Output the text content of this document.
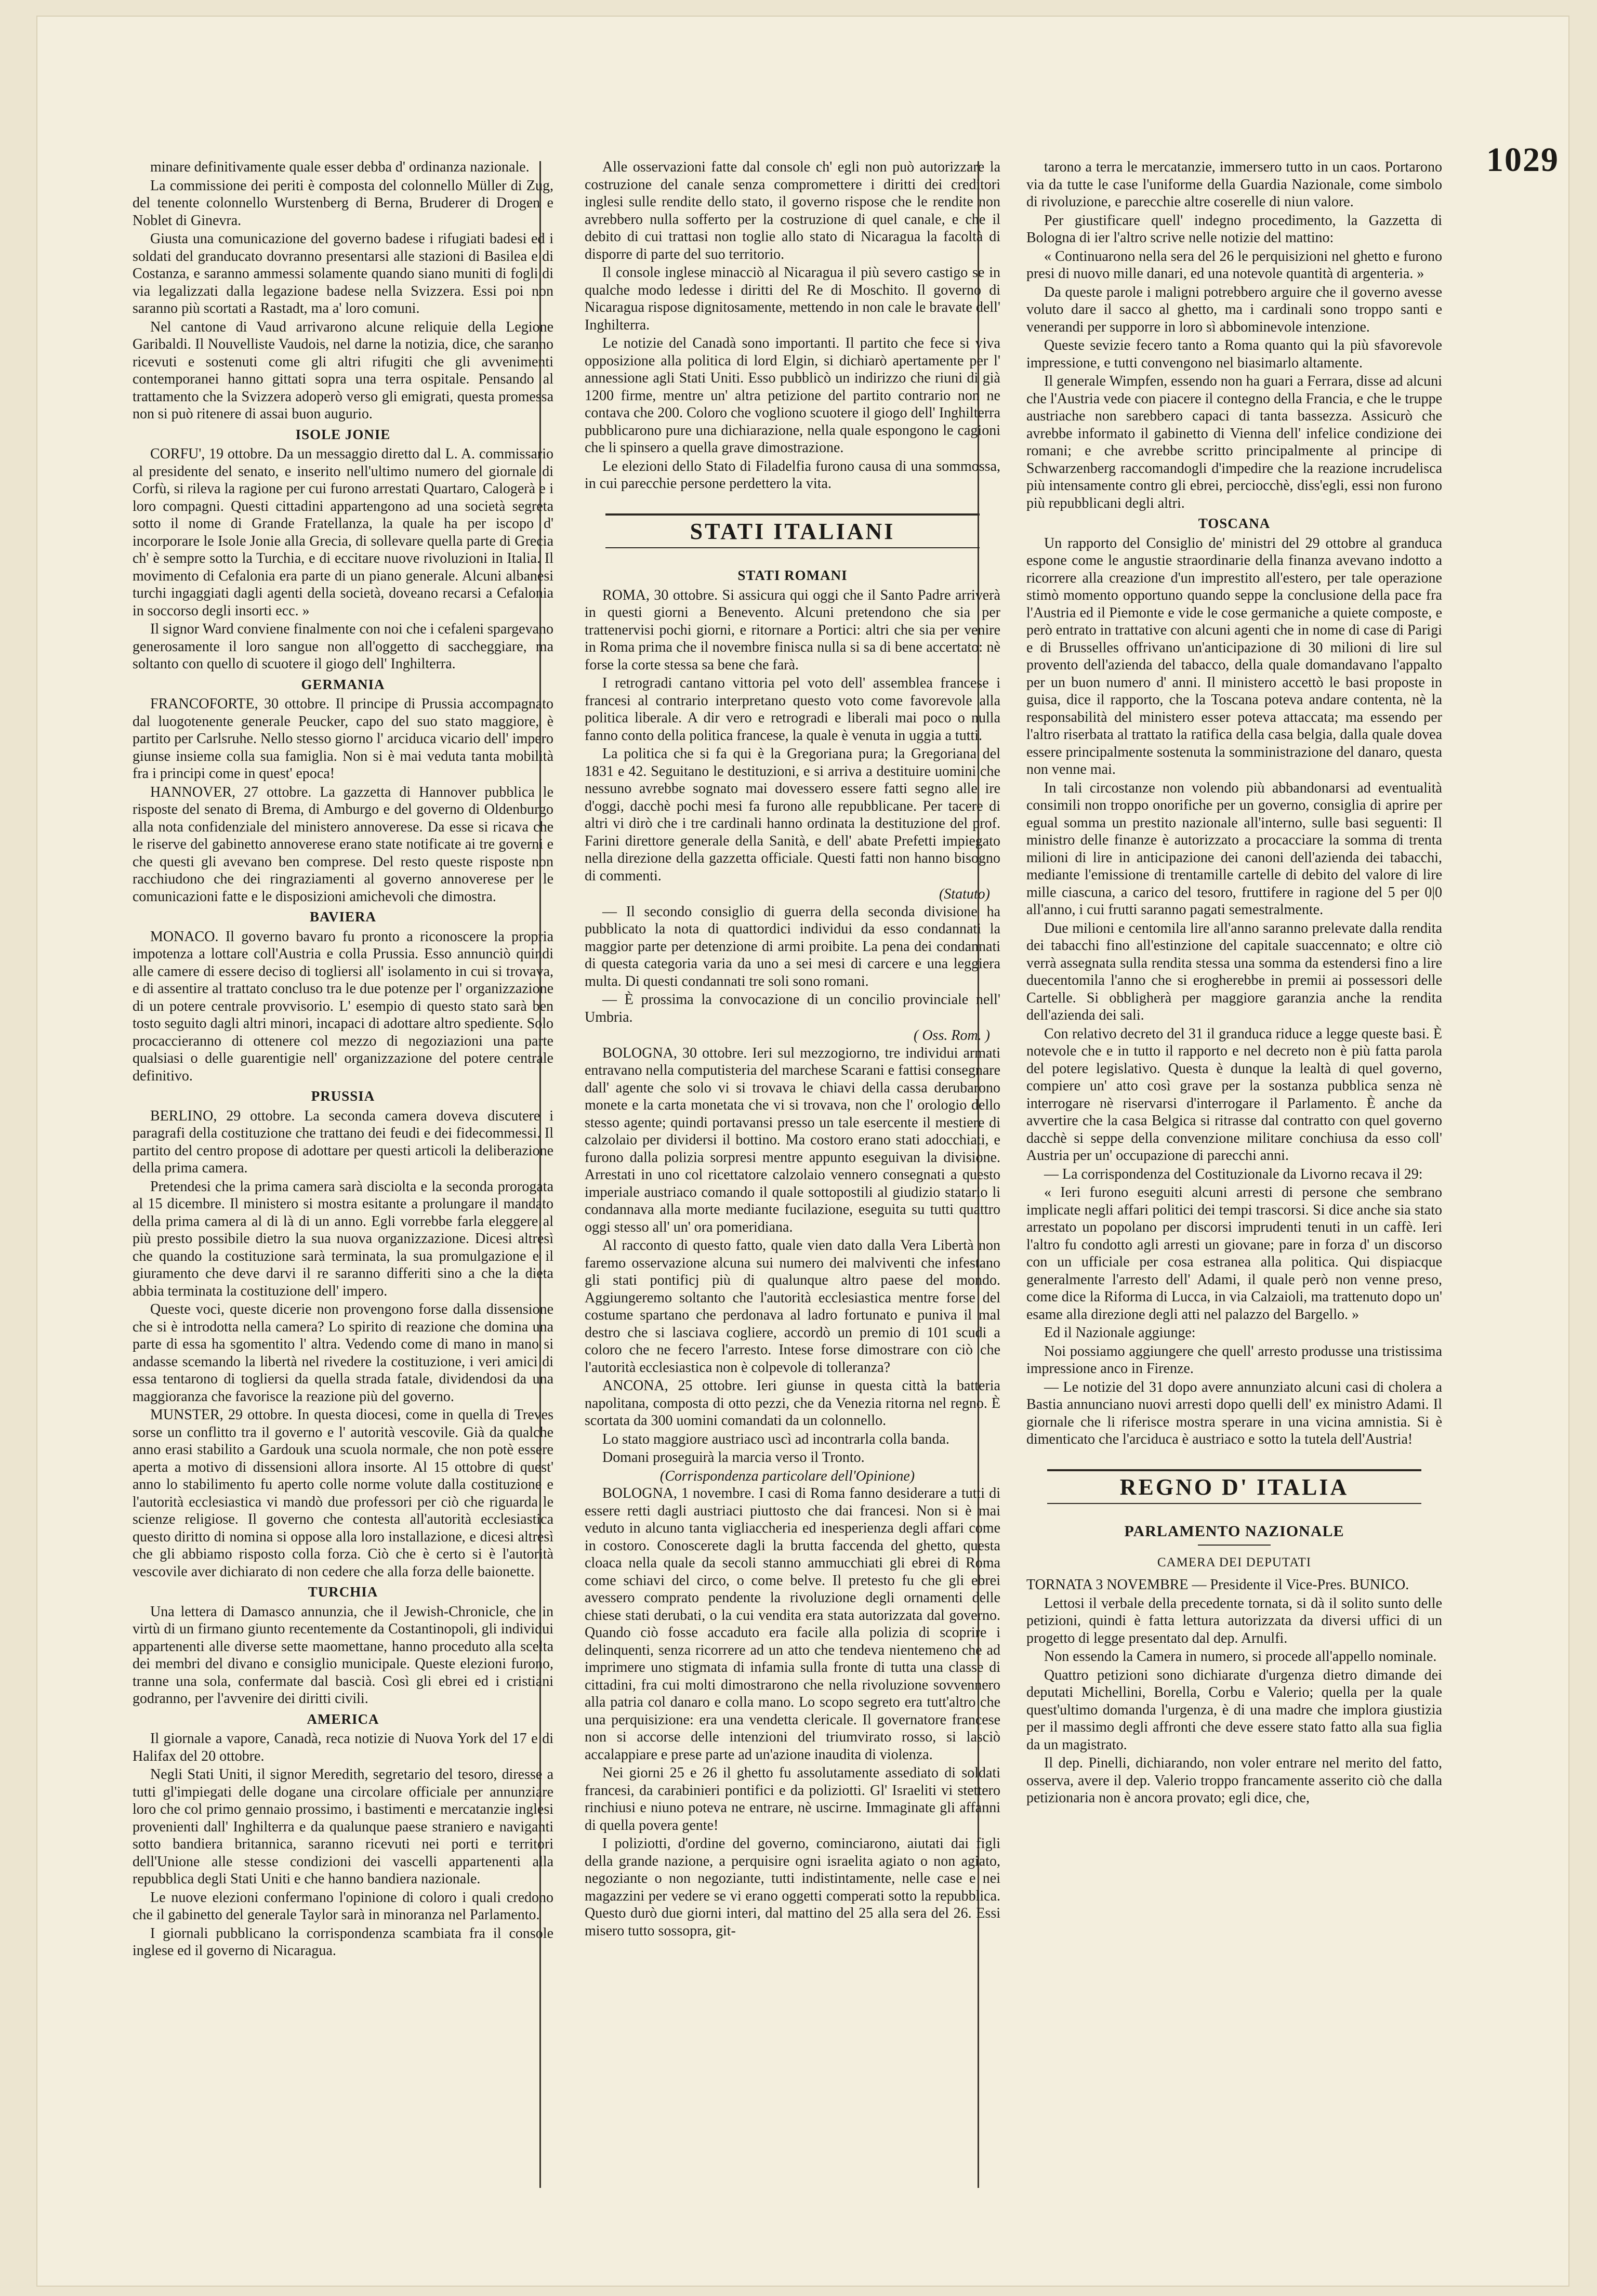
1029

minare definitivamente quale esser debba d' ordinanza nazionale.

La commissione dei periti è composta del colonnello Müller di Zug, del tenente colonnello Wurstenberg di Berna, Bruderer di Drogen e Noblet di Ginevra.

Giusta una comunicazione del governo badese i rifugiati badesi ed i soldati del granducato dovranno presentarsi alle stazioni di Basilea e di Costanza, e saranno ammessi solamente quando siano muniti di fogli di via legalizzati dalla legazione badese nella Svizzera. Essi poi non saranno più scortati a Rastadt, ma a' loro comuni.

Nel cantone di Vaud arrivarono alcune reliquie della Legione Garibaldi. Il Nouvelliste Vaudois, nel darne la notizia, dice, che saranno ricevuti e sostenuti come gli altri rifugiti che gli avvenimenti contemporanei hanno gittati sopra una terra ospitale. Pensando al trattamento che la Svizzera adoperò verso gli emigrati, questa promessa non si può ritenere di assai buon augurio.

ISOLE JONIE

CORFU', 19 ottobre. Da un messaggio diretto dal L. A. commissario al presidente del senato, e inserito nell'ultimo numero del giornale di Corfù, si rileva la ragione per cui furono arrestati Quartaro, Calogerà e i loro compagni. Questi cittadini appartengono ad una società segreta sotto il nome di Grande Fratellanza, la quale ha per iscopo d' incorporare le Isole Jonie alla Grecia, di sollevare quella parte di Grecia ch' è sempre sotto la Turchia, e di eccitare nuove rivoluzioni in Italia. Il movimento di Cefalonia era parte di un piano generale. Alcuni albanesi turchi ingaggiati dagli agenti della società, doveano recarsi a Cefalonia in soccorso degli insorti ecc. »

Il signor Ward conviene finalmente con noi che i cefaleni spargevano generosamente il loro sangue non all'oggetto di saccheggiare, ma soltanto con quello di scuotere il giogo dell' Inghilterra.

GERMANIA

FRANCOFORTE, 30 ottobre. Il principe di Prussia accompagnato dal luogotenente generale Peucker, capo del suo stato maggiore, è partito per Carlsruhe. Nello stesso giorno l' arciduca vicario dell' impero giunse insieme colla sua famiglia. Non si è mai veduta tanta mobilità fra i principi come in quest' epoca!

HANNOVER, 27 ottobre. La gazzetta di Hannover pubblica le risposte del senato di Brema, di Amburgo e del governo di Oldenburgo alla nota confidenziale del ministero annoverese. Da esse si ricava che le riserve del gabinetto annoverese erano state notificate ai tre governi e che questi gli avevano ben comprese. Del resto queste risposte non racchiudono che dei ringraziamenti al governo annoverese per le comunicazioni fatte e le disposizioni amichevoli che dimostra.

BAVIERA

MONACO. Il governo bavaro fu pronto a riconoscere la propria impotenza a lottare coll'Austria e colla Prussia. Esso annunciò quindi alle camere di essere deciso di togliersi all' isolamento in cui si trovava, e di assentire al trattato concluso tra le due potenze per l' organizzazione di un potere centrale provvisorio. L' esempio di questo stato sarà ben tosto seguito dagli altri minori, incapaci di adottare altro spediente. Solo procaccieranno di ottenere col mezzo di negoziazioni una parte qualsiasi o delle guarentigie nell' organizzazione del potere centrale definitivo.

PRUSSIA

BERLINO, 29 ottobre. La seconda camera doveva discutere i paragrafi della costituzione che trattano dei feudi e dei fidecommessi. Il partito del centro propose di adottare per questi articoli la deliberazione della prima camera.

Pretendesi che la prima camera sarà disciolta e la seconda prorogata al 15 dicembre. Il ministero si mostra esitante a prolungare il mandato della prima camera al di là di un anno. Egli vorrebbe farla eleggere al più presto possibile dietro la sua nuova organizzazione. Dicesi altresì che quando la costituzione sarà terminata, la sua promulgazione e il giuramento che deve darvi il re saranno differiti sino a che la dieta abbia terminata la costituzione dell' impero.

Queste voci, queste dicerie non provengono forse dalla dissensione che si è introdotta nella camera? Lo spirito di reazione che domina una parte di essa ha sgomentito l' altra. Vedendo come di mano in mano si andasse scemando la libertà nel rivedere la costituzione, i veri amici di essa tentarono di togliersi da quella strada fatale, dividendosi da una maggioranza che favorisce la reazione più del governo.

MUNSTER, 29 ottobre. In questa diocesi, come in quella di Treves sorse un conflitto tra il governo e l' autorità vescovile. Già da qualche anno erasi stabilito a Gardouk una scuola normale, che non potè essere aperta a motivo di dissensioni allora insorte. Al 15 ottobre di quest' anno lo stabilimento fu aperto colle norme volute dalla costituzione e l'autorità ecclesiastica vi mandò due professori per ciò che riguarda le scienze religiose. Il governo che contesta all'autorità ecclesiastica questo diritto di nomina si oppose alla loro installazione, e dicesi altresì che gli abbiamo risposto colla forza. Ciò che è certo si è l'autorità vescovile aver dichiarato di non cedere che alla forza delle baionette.

TURCHIA

Una lettera di Damasco annunzia, che il Jewish-Chronicle, che in virtù di un firmano giunto recentemente da Costantinopoli, gli individui appartenenti alle diverse sette maomettane, hanno proceduto alla scelta dei membri del divano e consiglio municipale. Queste elezioni furono, tranne una sola, confermate dal bascià. Così gli ebrei ed i cristiani godranno, per l'avvenire dei diritti civili.

AMERICA

Il giornale a vapore, Canadà, reca notizie di Nuova York del 17 e di Halifax del 20 ottobre.

Negli Stati Uniti, il signor Meredith, segretario del tesoro, diresse a tutti gl'impiegati delle dogane una circolare officiale per annunziare loro che col primo gennaio prossimo, i bastimenti e mercatanzie inglesi provenienti dall' Inghilterra e da qualunque paese straniero e naviganti sotto bandiera britannica, saranno ricevuti nei porti e territori dell'Unione alle stesse condizioni dei vascelli appartenenti alla repubblica degli Stati Uniti e che hanno bandiera nazionale.

Le nuove elezioni confermano l'opinione di coloro i quali credono che il gabinetto del generale Taylor sarà in minoranza nel Parlamento.

I giornali pubblicano la corrispondenza scambiata fra il console inglese ed il governo di Nicaragua.

Alle osservazioni fatte dal console ch' egli non può autorizzare la costruzione del canale senza compromettere i diritti dei creditori inglesi sulle rendite dello stato, il governo rispose che le rendite non avrebbero nulla sofferto per la costruzione di quel canale, e che il debito di cui trattasi non toglie allo stato di Nicaragua la facoltà di disporre di parte del suo territorio.

Il console inglese minacciò al Nicaragua il più severo castigo se in qualche modo ledesse i diritti del Re di Moschito. Il governo di Nicaragua rispose dignitosamente, mettendo in non cale le bravate dell' Inghilterra.

Le notizie del Canadà sono importanti. Il partito che fece si viva opposizione alla politica di lord Elgin, si dichiarò apertamente per l' annessione agli Stati Uniti. Esso pubblicò un indirizzo che riuni di già 1200 firme, mentre un' altra petizione del partito contrario non ne contava che 200. Coloro che vogliono scuotere il giogo dell' Inghilterra pubblicarono pure una dichiarazione, nella quale espongono le cagioni che li spinsero a quella grave dimostrazione.

Le elezioni dello Stato di Filadelfia furono causa di una sommossa, in cui parecchie persone perdettero la vita.

STATI ITALIANI
STATI ROMANI

ROMA, 30 ottobre. Si assicura qui oggi che il Santo Padre arriverà in questi giorni a Benevento. Alcuni pretendono che sia per trattenervisi pochi giorni, e ritornare a Portici: altri che sia per venire in Roma prima che il novembre finisca nulla si sa di bene accertato: nè forse la corte stessa sa bene che farà.

I retrogradi cantano vittoria pel voto dell' assemblea francese i francesi al contrario interpretano questo voto come favorevole alla politica liberale. A dir vero e retrogradi e liberali mai poco o nulla fanno conto della politica francese, la quale è venuta in uggia a tutti.

La politica che si fa qui è la Gregoriana pura; la Gregoriana del 1831 e 42. Seguitano le destituzioni, e si arriva a destituire uomini che nessuno avrebbe sognato mai dovessero essere fatti segno alle ire d'oggi, dacchè pochi mesi fa furono alle repubblicane. Per tacere di altri vi dirò che i tre cardinali hanno ordinata la destituzione del prof. Farini direttore generale della Sanità, e dell' abate Prefetti impiegato nella direzione della gazzetta officiale. Questi fatti non hanno bisogno di commenti.

(Statuto)

— Il secondo consiglio di guerra della seconda divisione ha pubblicato la nota di quattordici individui da esso condannati la maggior parte per detenzione di armi proibite. La pena dei condannati di questa categoria varia da uno a sei mesi di carcere e una leggiera multa. Di questi condannati tre soli sono romani.

— È prossima la convocazione di un concilio provinciale nell' Umbria.

( Oss. Rom. )

BOLOGNA, 30 ottobre. Ieri sul mezzogiorno, tre individui armati entravano nella computisteria del marchese Scarani e fattisi consegnare dall' agente che solo vi si trovava le chiavi della cassa derubarono monete e la carta monetata che vi si trovava, non che l' orologio dello stesso agente; quindi portavansi presso un tale esercente il mestiere di calzolaio per dividersi il bottino. Ma costoro erano stati adocchiati, e furono dalla polizia sorpresi mentre appunto eseguivan la divisione. Arrestati in uno col ricettatore calzolaio vennero consegnati a questo imperiale austriaco comando il quale sottopostili al giudizio statario li condannava alla morte mediante fucilazione, eseguita su tutti quattro oggi stesso all' un' ora pomeridiana.

Al racconto di questo fatto, quale vien dato dalla Vera Libertà non faremo osservazione alcuna sui numero dei malviventi che infestano gli stati pontificj più di qualunque altro paese del mondo. Aggiungeremo soltanto che l'autorità ecclesiastica mentre forse del costume spartano che perdonava al ladro fortunato e puniva il mal destro che si lasciava cogliere, accordò un premio di 101 scudi a coloro che ne fecero l'arresto. Intese forse dimostrare con ciò che l'autorità ecclesiastica non è colpevole di tolleranza?

ANCONA, 25 ottobre. Ieri giunse in questa città la batteria napolitana, composta di otto pezzi, che da Venezia ritorna nel regno. È scortata da 300 uomini comandati da un colonnello.

Lo stato maggiore austriaco uscì ad incontrarla colla banda.

Domani proseguirà la marcia verso il Tronto.

(Corrispondenza particolare dell'Opinione)

BOLOGNA, 1 novembre. I casi di Roma fanno desiderare a tutti di essere retti dagli austriaci piuttosto che dai francesi. Non si è mai veduto in alcuno tanta vigliaccheria ed inesperienza degli affari come in costoro. Conoscerete dagli la brutta faccenda del ghetto, questa cloaca nella quale da secoli stanno ammucchiati gli ebrei di Roma come schiavi del circo, o come belve. Il pretesto fu che gli ebrei avessero comprato pendente la rivoluzione degli ornamenti delle chiese stati derubati, o la cui vendita era stata autorizzata dal governo. Quando ciò fosse accaduto era facile alla polizia di scoprire i delinquenti, senza ricorrere ad un atto che tendeva nientemeno che ad imprimere uno stigmata di infamia sulla fronte di tutta una classe di cittadini, fra cui molti dimostrarono che nella rivoluzione sovvennero alla patria col danaro e colla mano. Lo scopo segreto era tutt'altro che una perquisizione: era una vendetta clericale. Il governatore francese non si accorse delle intenzioni del triumvirato rosso, si lasciò accalappiare e prese parte ad un'azione inaudita di violenza.

Nei giorni 25 e 26 il ghetto fu assolutamente assediato di soldati francesi, da carabinieri pontifici e da poliziotti. Gl' Israeliti vi stettero rinchiusi e niuno poteva ne entrare, nè uscirne. Immaginate gli affanni di quella povera gente!

I poliziotti, d'ordine del governo, cominciarono, aiutati dai figli della grande nazione, a perquisire ogni israelita agiato o non agiato, negoziante o non negoziante, tutti indistintamente, nelle case e nei magazzini per vedere se vi erano oggetti comperati sotto la repubblica. Questo durò due giorni interi, dal mattino del 25 alla sera del 26. Essi misero tutto sossopra, git-

tarono a terra le mercatanzie, immersero tutto in un caos. Portarono via da tutte le case l'uniforme della Guardia Nazionale, come simbolo di rivoluzione, e parecchie altre coserelle di niun valore.

Per giustificare quell' indegno procedimento, la Gazzetta di Bologna di ier l'altro scrive nelle notizie del mattino:

« Continuarono nella sera del 26 le perquisizioni nel ghetto e furono presi di nuovo mille danari, ed una notevole quantità di argenteria. »

Da queste parole i maligni potrebbero arguire che il governo avesse voluto dare il sacco al ghetto, ma i cardinali sono troppo santi e venerandi per supporre in loro sì abbominevole intenzione.

Queste sevizie fecero tanto a Roma quanto qui la più sfavorevole impressione, e tutti convengono nel biasimarlo altamente.

Il generale Wimpfen, essendo non ha guari a Ferrara, disse ad alcuni che l'Austria vede con piacere il contegno della Francia, e che le truppe austriache non sarebbero capaci di tanta bassezza. Assicurò che avrebbe informato il gabinetto di Vienna dell' infelice condizione dei romani; e che avrebbe scritto principalmente al principe di Schwarzenberg raccomandogli d'impedire che la reazione incrudelisca più intensamente contro gli ebrei, perciocchè, diss'egli, essi non furono più repubblicani degli altri.

TOSCANA

Un rapporto del Consiglio de' ministri del 29 ottobre al granduca espone come le angustie straordinarie della finanza avevano indotto a ricorrere alla creazione d'un imprestito all'estero, per tale operazione stimò momento opportuno quando seppe la conclusione della pace fra l'Austria ed il Piemonte e vide le cose germaniche a quiete composte, e però entrato in trattative con alcuni agenti che in nome di case di Parigi e di Brusselles offrivano un'anticipazione di 30 milioni di lire sul provento dell'azienda del tabacco, della quale domandavano l'appalto per un buon numero d' anni. Il ministero accettò le basi proposte in guisa, dice il rapporto, che la Toscana poteva andare contenta, nè la responsabilità del ministero esser poteva attaccata; ma essendo per l'altro riserbata al trattato la ratifica della casa belgia, dalla quale dovea essere principalmente sostenuta la somministrazione del danaro, questa non venne mai.

In tali circostanze non volendo più abbandonarsi ad eventualità consimili non troppo onorifiche per un governo, consiglia di aprire per egual somma un prestito nazionale all'interno, sulle basi seguenti: Il ministro delle finanze è autorizzato a procacciare la somma di trenta milioni di lire in anticipazione dei canoni dell'azienda dei tabacchi, mediante l'emissione di trentamille cartelle di debito del valore di lire mille ciascuna, a carico del tesoro, fruttifere in ragione del 5 per 0|0 all'anno, i cui frutti saranno pagati semestralmente.

Due milioni e centomila lire all'anno saranno prelevate dalla rendita dei tabacchi fino all'estinzione del capitale suaccennato; e oltre ciò verrà assegnata sulla rendita stessa una somma da estendersi fino a lire duecentomila l'anno che si erogherebbe in premii ai possessori delle Cartelle. Si obbligherà per maggiore garanzia anche la rendita dell'azienda dei sali.

Con relativo decreto del 31 il granduca riduce a legge queste basi. È notevole che e in tutto il rapporto e nel decreto non è più fatta parola del potere legislativo. Questa è dunque la lealtà di quel governo, compiere un' atto così grave per la sostanza pubblica senza nè interrogare nè riservarsi d'interrogare il Parlamento. È anche da avvertire che la casa Belgica si ritrasse dal contratto con quel governo dacchè si seppe della convenzione militare conchiusa da esso coll' Austria per un' occupazione di parecchi anni.

— La corrispondenza del Costituzionale da Livorno recava il 29:

« Ieri furono eseguiti alcuni arresti di persone che sembrano implicate negli affari politici dei tempi trascorsi. Si dice anche sia stato arrestato un popolano per discorsi imprudenti tenuti in un caffè. Ieri l'altro fu condotto agli arresti un giovane; pare in forza d' un discorso con un ufficiale per cosa estranea alla politica. Qui dispiacque generalmente l'arresto dell' Adami, il quale però non venne preso, come dice la Riforma di Lucca, in via Calzaioli, ma trattenuto dopo un' esame alla direzione degli atti nel palazzo del Bargello. »

Ed il Nazionale aggiunge:

Noi possiamo aggiungere che quell' arresto produsse una tristissima impressione anco in Firenze.

— Le notizie del 31 dopo avere annunziato alcuni casi di cholera a Bastia annunciano nuovi arresti dopo quelli dell' ex ministro Adami. Il giornale che li riferisce mostra sperare in una vicina amnistia. Si è dimenticato che l'arciduca è austriaco e sotto la tutela dell'Austria!

REGNO D' ITALIA
PARLAMENTO NAZIONALE
CAMERA DEI DEPUTATI

TORNATA 3 NOVEMBRE — Presidente il Vice-Pres. BUNICO.

Lettosi il verbale della precedente tornata, si dà il solito sunto delle petizioni, quindi è fatta lettura autorizzata da diversi uffici di un progetto di legge presentato dal dep. Arnulfi.

Non essendo la Camera in numero, si procede all'appello nominale.

Quattro petizioni sono dichiarate d'urgenza dietro dimande dei deputati Michellini, Borella, Corbu e Valerio; quella per la quale quest'ultimo domanda l'urgenza, è di una madre che implora giustizia per il massimo degli affronti che deve essere stato fatto alla sua figlia da un magistrato.

Il dep. Pinelli, dichiarando, non voler entrare nel merito del fatto, osserva, avere il dep. Valerio troppo francamente asserito ciò che dalla petizionaria non è ancora provato; egli dice, che,
